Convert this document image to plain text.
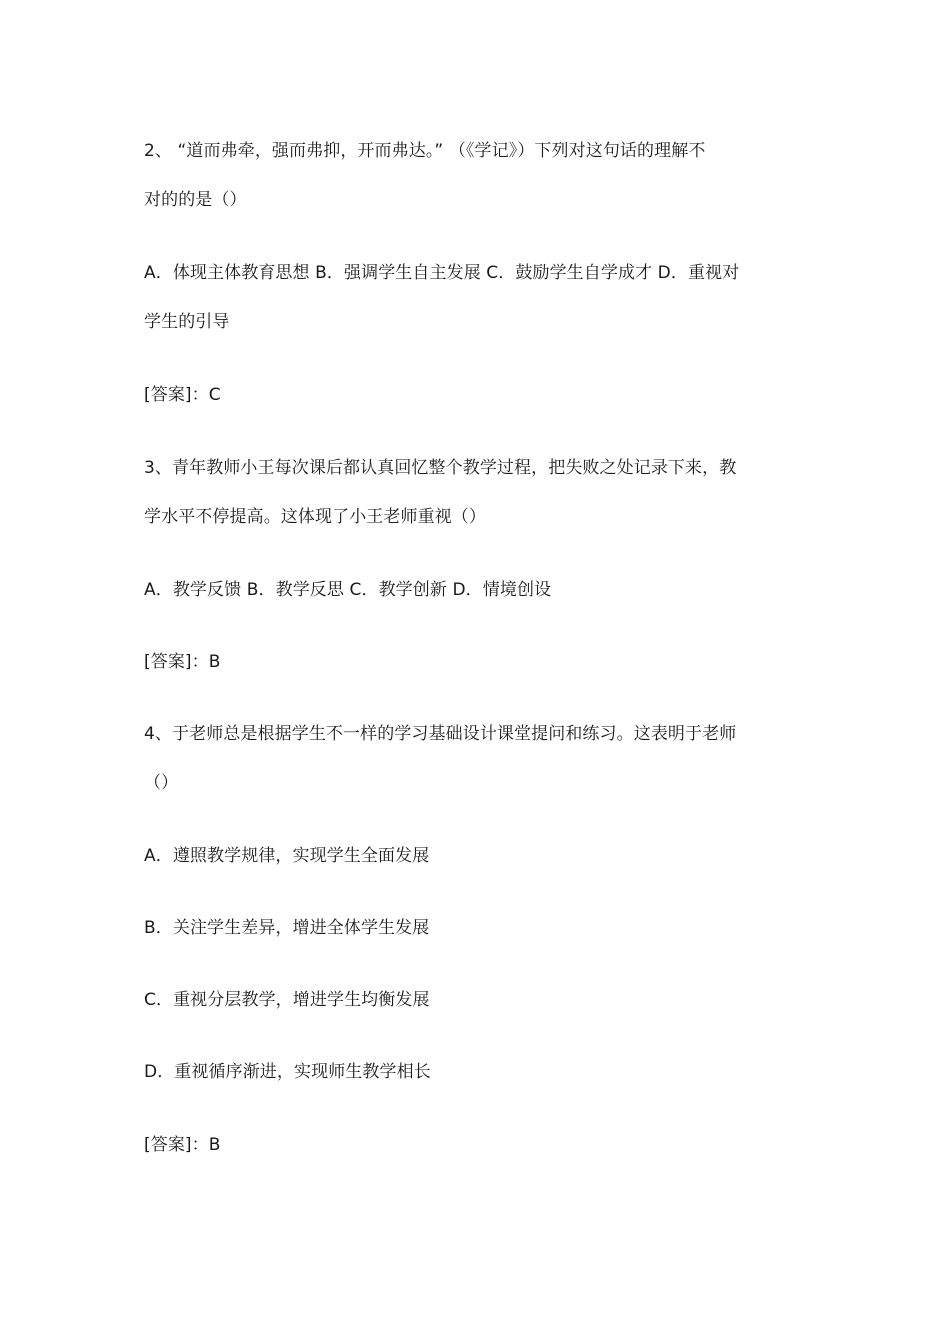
2、 “道而弗牵，强而弗抑，开而弗达。” （《学记》）下列对这句话的理解不
对的的是（）
A．体现主体教育思想 B．强调学生自主发展 C．鼓励学生自学成才 D．重视对
学生的引导
[答案]：C
3、青年教师小王每次课后都认真回忆整个教学过程，把失败之处记录下来，教
学水平不停提高。这体现了小王老师重视（）
A．教学反馈 B．教学反思 C．教学创新 D．情境创设
[答案]：B
4、于老师总是根据学生不一样的学习基础设计课堂提问和练习。这表明于老师
（）
A．遵照教学规律，实现学生全面发展
B．关注学生差异，增进全体学生发展
C．重视分层教学，增进学生均衡发展
D．重视循序渐进，实现师生教学相长
[答案]：B
